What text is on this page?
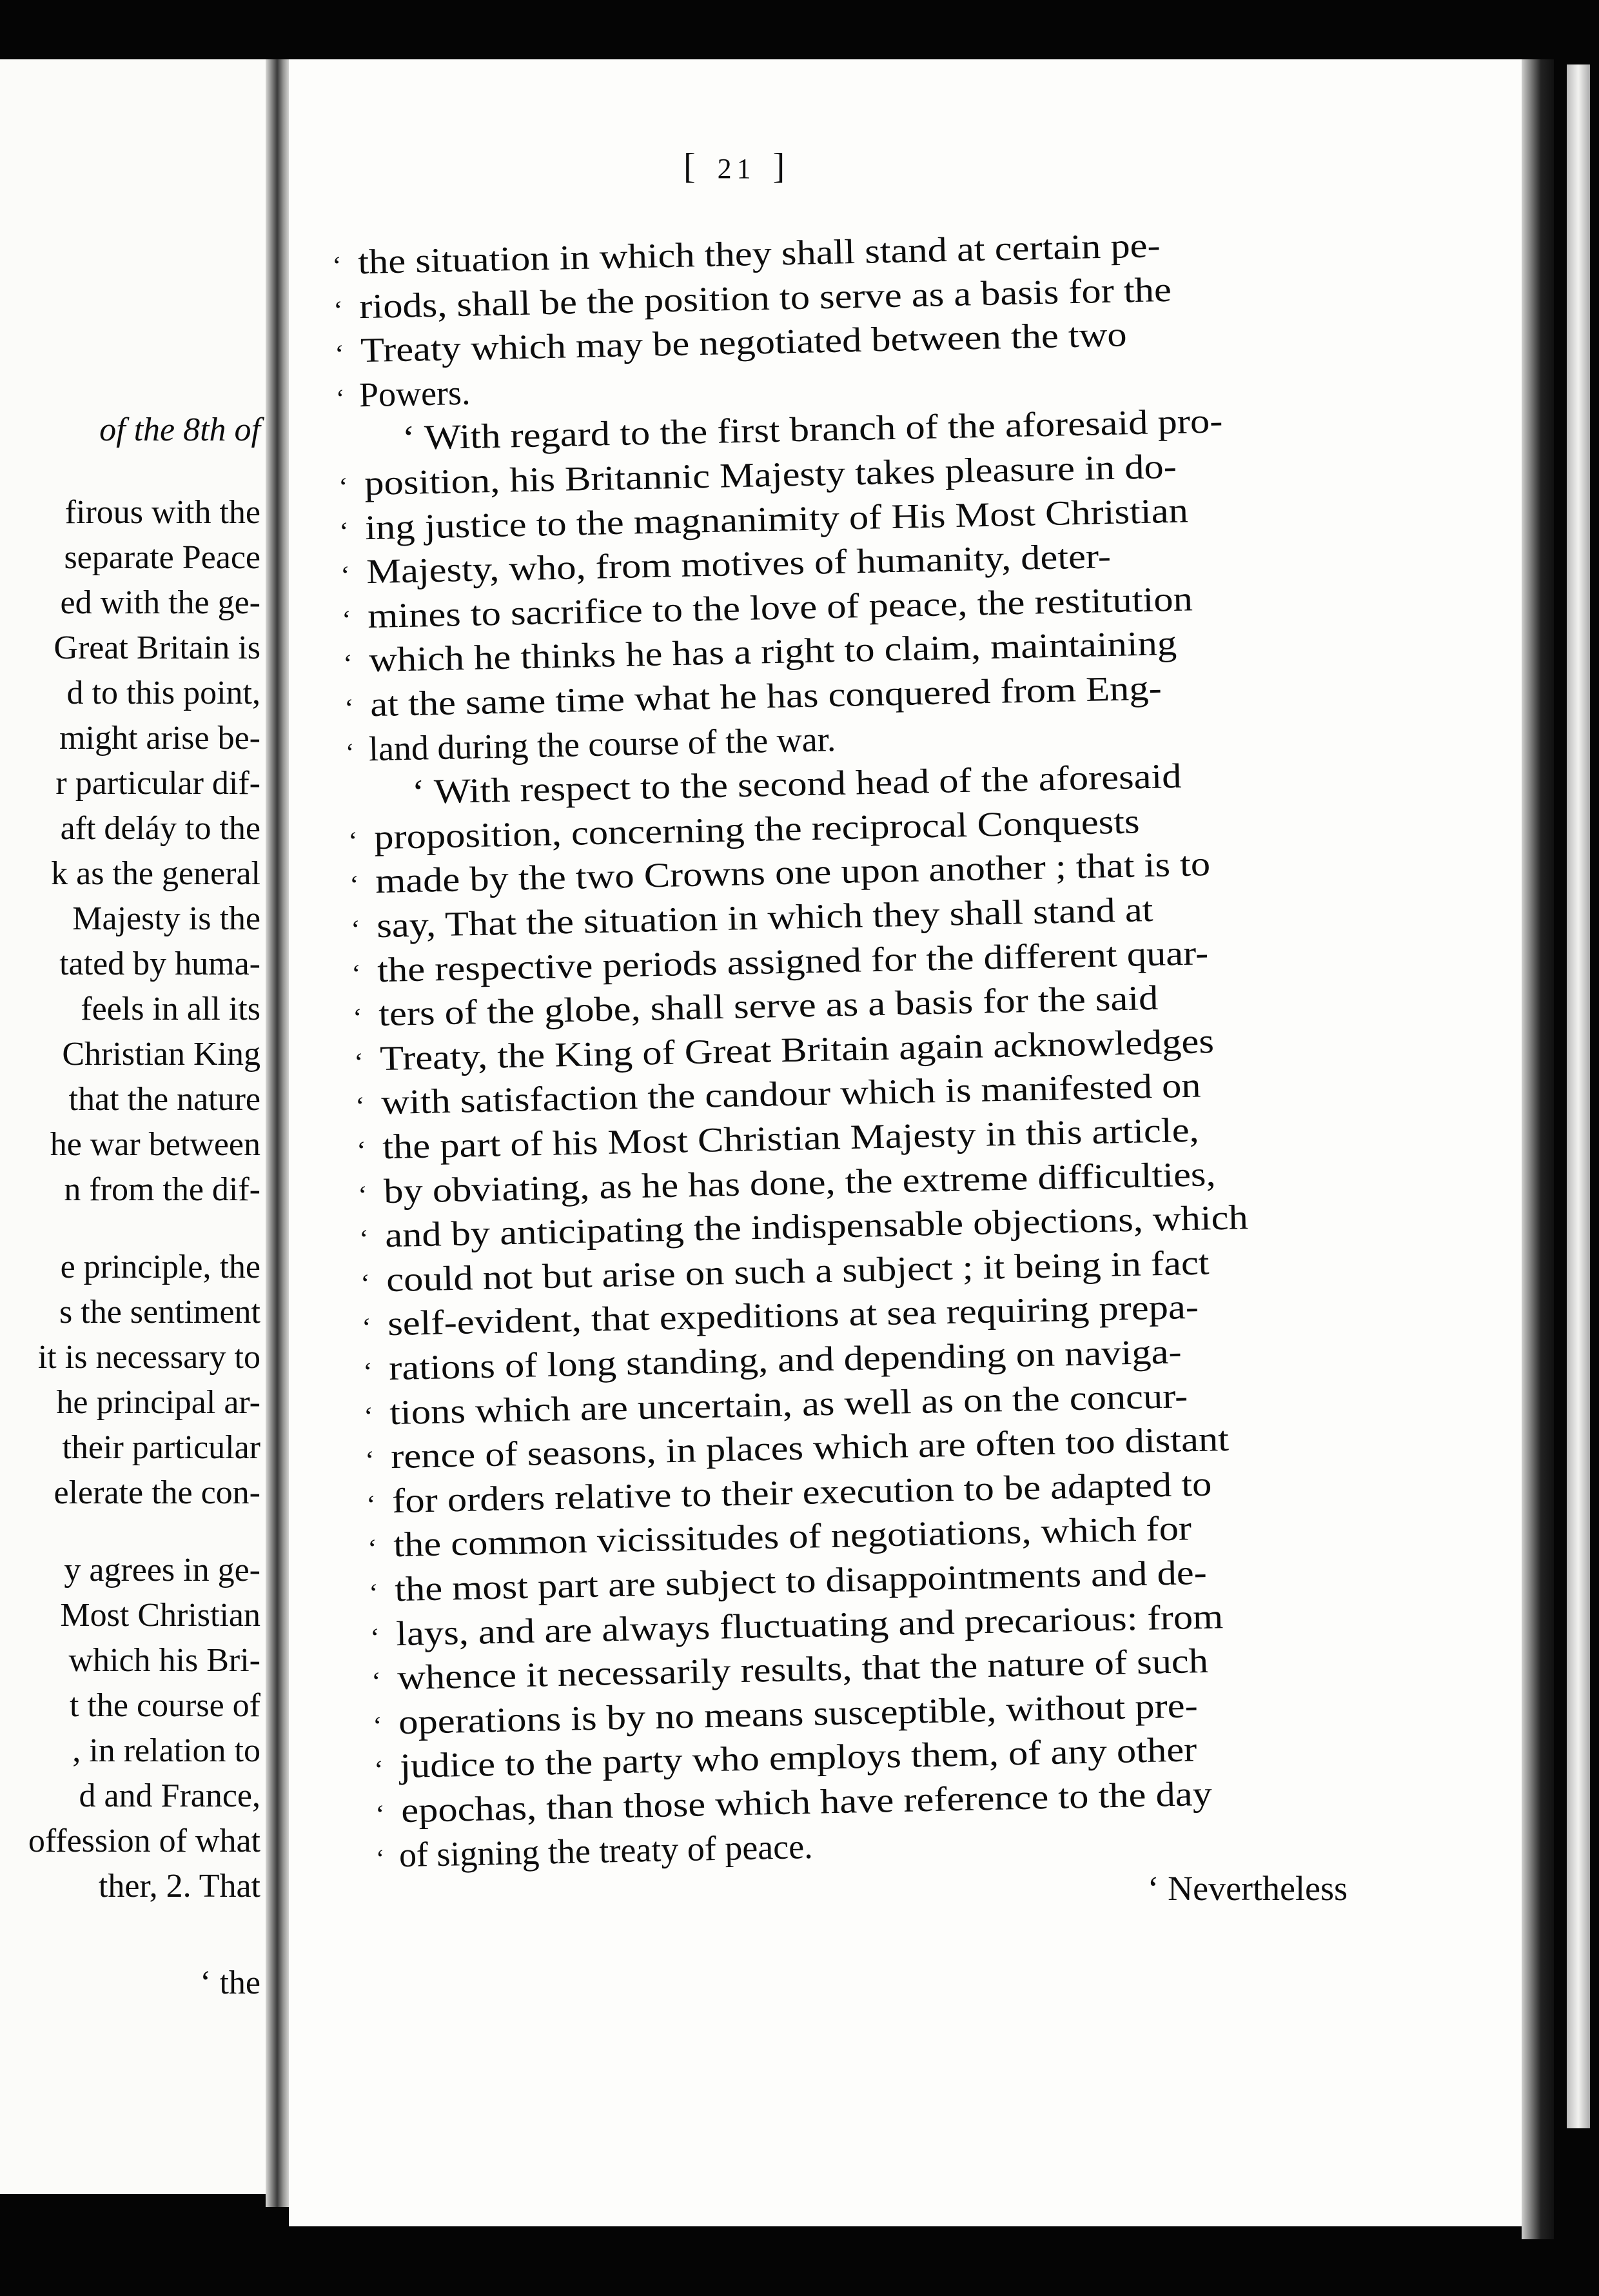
of the 8th of
firous with the
separate Peace
ed with the ge-
Great Britain is
d to this point,
might arise be-
r particular dif-
aft deláy to the
k as the general
Majesty is the
tated by huma-
feels in all its
Christian King
that the nature
he war between
n from the dif-
e principle, the
s the sentiment
it is necessary to
he principal ar-
their particular
elerate the con-
y agrees in ge-
Most Christian
which his Bri-
t the course of
, in relation to
d and France,
offession of what
ther, 2. That
‘ the
[ 21 ]
‘ the situation in which they shall stand at certain pe-
‘ riods, shall be the position to serve as a basis for the
‘ Treaty which may be negotiated between the two
‘ Powers.
 ‘ With regard to the first branch of the aforesaid pro-
‘ position, his Britannic Majesty takes pleasure in do-
‘ ing justice to the magnanimity of His Most Christian
‘ Majesty, who, from motives of humanity, deter-
‘ mines to sacrifice to the love of peace, the restitution
‘ which he thinks he has a right to claim, maintaining
‘ at the same time what he has conquered from Eng-
‘ land during the course of the war.
 ‘ With respect to the second head of the aforesaid
‘ proposition, concerning the reciprocal Conquests
‘ made by the two Crowns one upon another ; that is to
‘ say, That the situation in which they shall stand at
‘ the respective periods assigned for the different quar-
‘ ters of the globe, shall serve as a basis for the said
‘ Treaty, the King of Great Britain again acknowledges
‘ with satisfaction the candour which is manifested on
‘ the part of his Most Christian Majesty in this article,
‘ by obviating, as he has done, the extreme difficulties,
‘ and by anticipating the indispensable objections, which
‘ could not but arise on such a subject ; it being in fact
‘ self-evident, that expeditions at sea requiring prepa-
‘ rations of long standing, and depending on naviga-
‘ tions which are uncertain, as well as on the concur-
‘ rence of seasons, in places which are often too distant
‘ for orders relative to their execution to be adapted to
‘ the common vicissitudes of negotiations, which for
‘ the most part are subject to disappointments and de-
‘ lays, and are always fluctuating and precarious: from
‘ whence it necessarily results, that the nature of such
‘ operations is by no means susceptible, without pre-
‘ judice to the party who employs them, of any other
‘ epochas, than those which have reference to the day
‘ of signing the treaty of peace.
‘ Nevertheless
